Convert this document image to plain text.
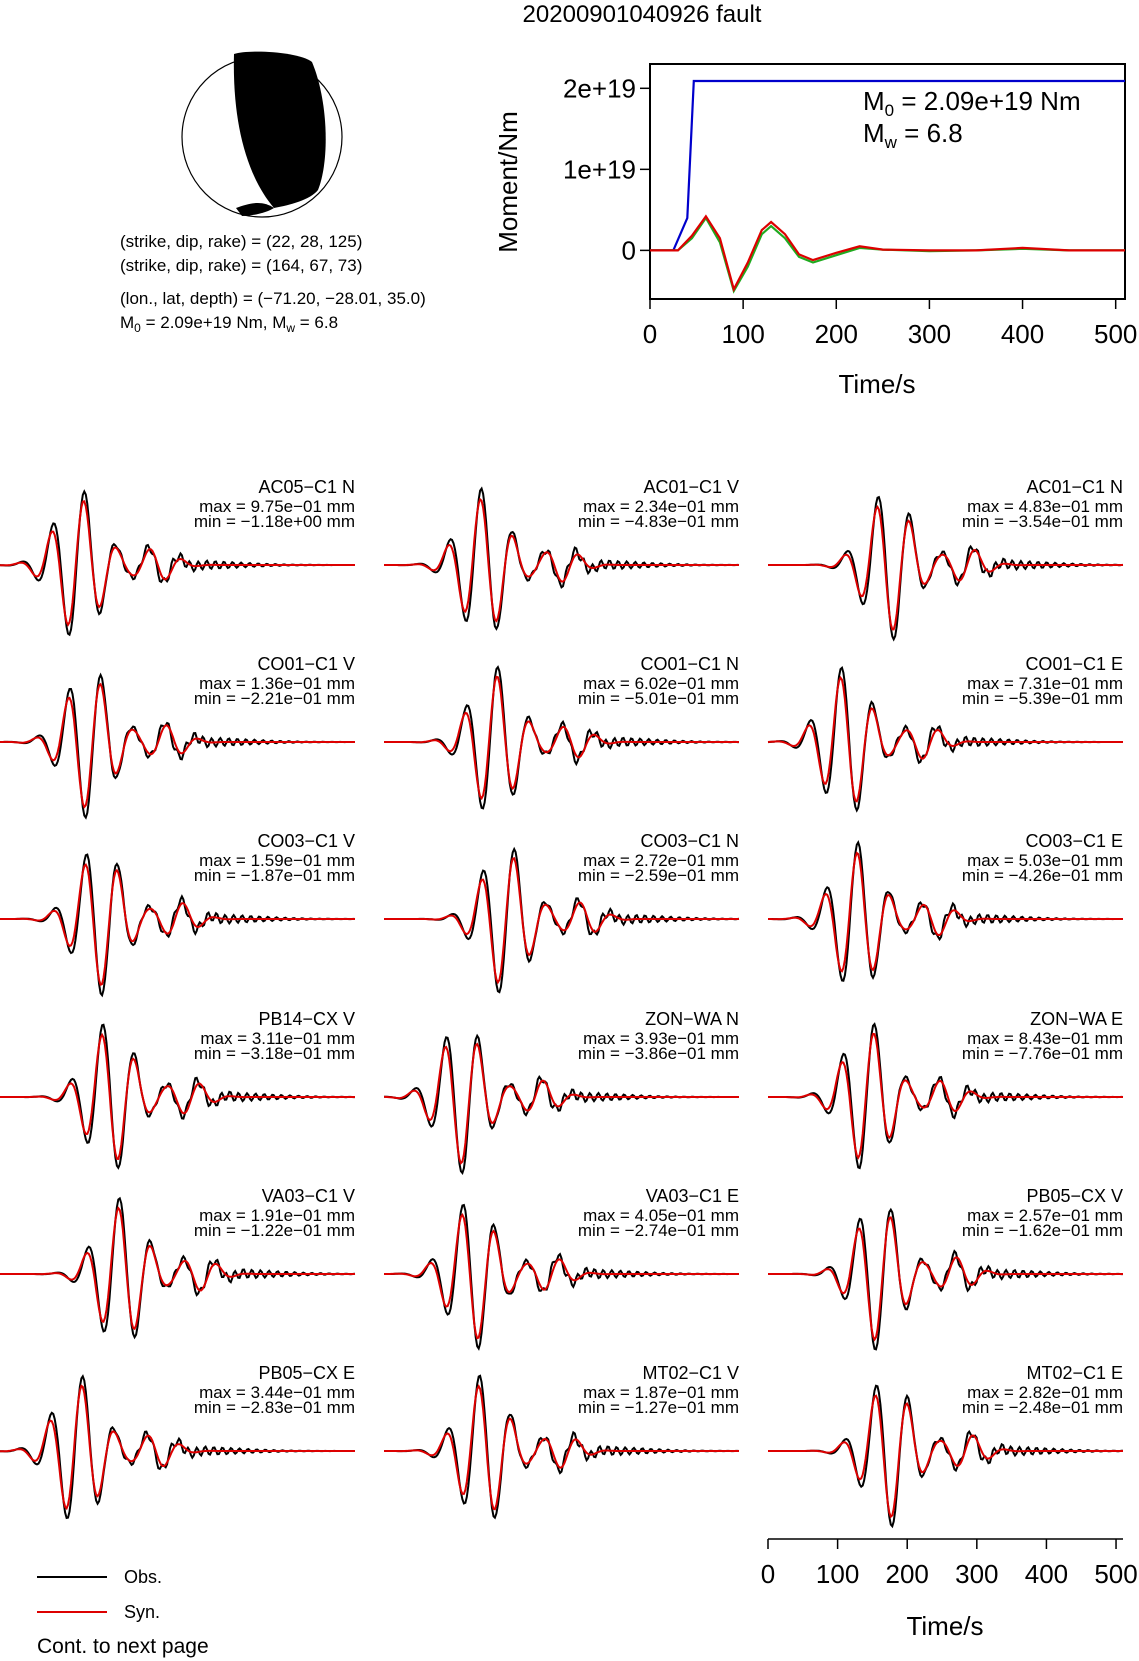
20200901040926 fault
(strike, dip, rake) = (22, 28, 125)
(strike, dip, rake) = (164, 67, 73)
(lon., lat, depth) = (−71.20, −28.01, 35.0)
$M_0 = 2.09e+19$ Nm, $M_w = 6.8$
0
1e+19
2e+19
0 100 200 300 400 500
Time/s
Moment/Nm
$M_0 = 2.09e+19$ Nm
$M_w = 6.8$
AC05−C1 N
max = 9.75e−01 mm
min = −1.18e+00 mm
AC01−C1 V
max = 2.34e−01 mm
min = −4.83e−01 mm
AC01−C1 N
max = 4.83e−01 mm
min = −3.54e−01 mm
CO01−C1 V
max = 1.36e−01 mm
min = −2.21e−01 mm
CO01−C1 N
max = 6.02e−01 mm
min = −5.01e−01 mm
CO01−C1 E
max = 7.31e−01 mm
min = −5.39e−01 mm
CO03−C1 V
max = 1.59e−01 mm
min = −1.87e−01 mm
CO03−C1 N
max = 2.72e−01 mm
min = −2.59e−01 mm
CO03−C1 E
max = 5.03e−01 mm
min = −4.26e−01 mm
PB14−CX V
max = 3.11e−01 mm
min = −3.18e−01 mm
ZON−WA N
max = 3.93e−01 mm
min = −3.86e−01 mm
ZON−WA E
max = 8.43e−01 mm
min = −7.76e−01 mm
VA03−C1 V
max = 1.91e−01 mm
min = −1.22e−01 mm
VA03−C1 E
max = 4.05e−01 mm
min = −2.74e−01 mm
PB05−CX V
max = 2.57e−01 mm
min = −1.62e−01 mm
PB05−CX E
max = 3.44e−01 mm
min = −2.83e−01 mm
MT02−C1 V
max = 1.87e−01 mm
min = −1.27e−01 mm
MT02−C1 E
max = 2.82e−01 mm
min = −2.48e−01 mm
0 100 200 300 400 500
Time/s
Obs.
Syn.
Cont. to next page
